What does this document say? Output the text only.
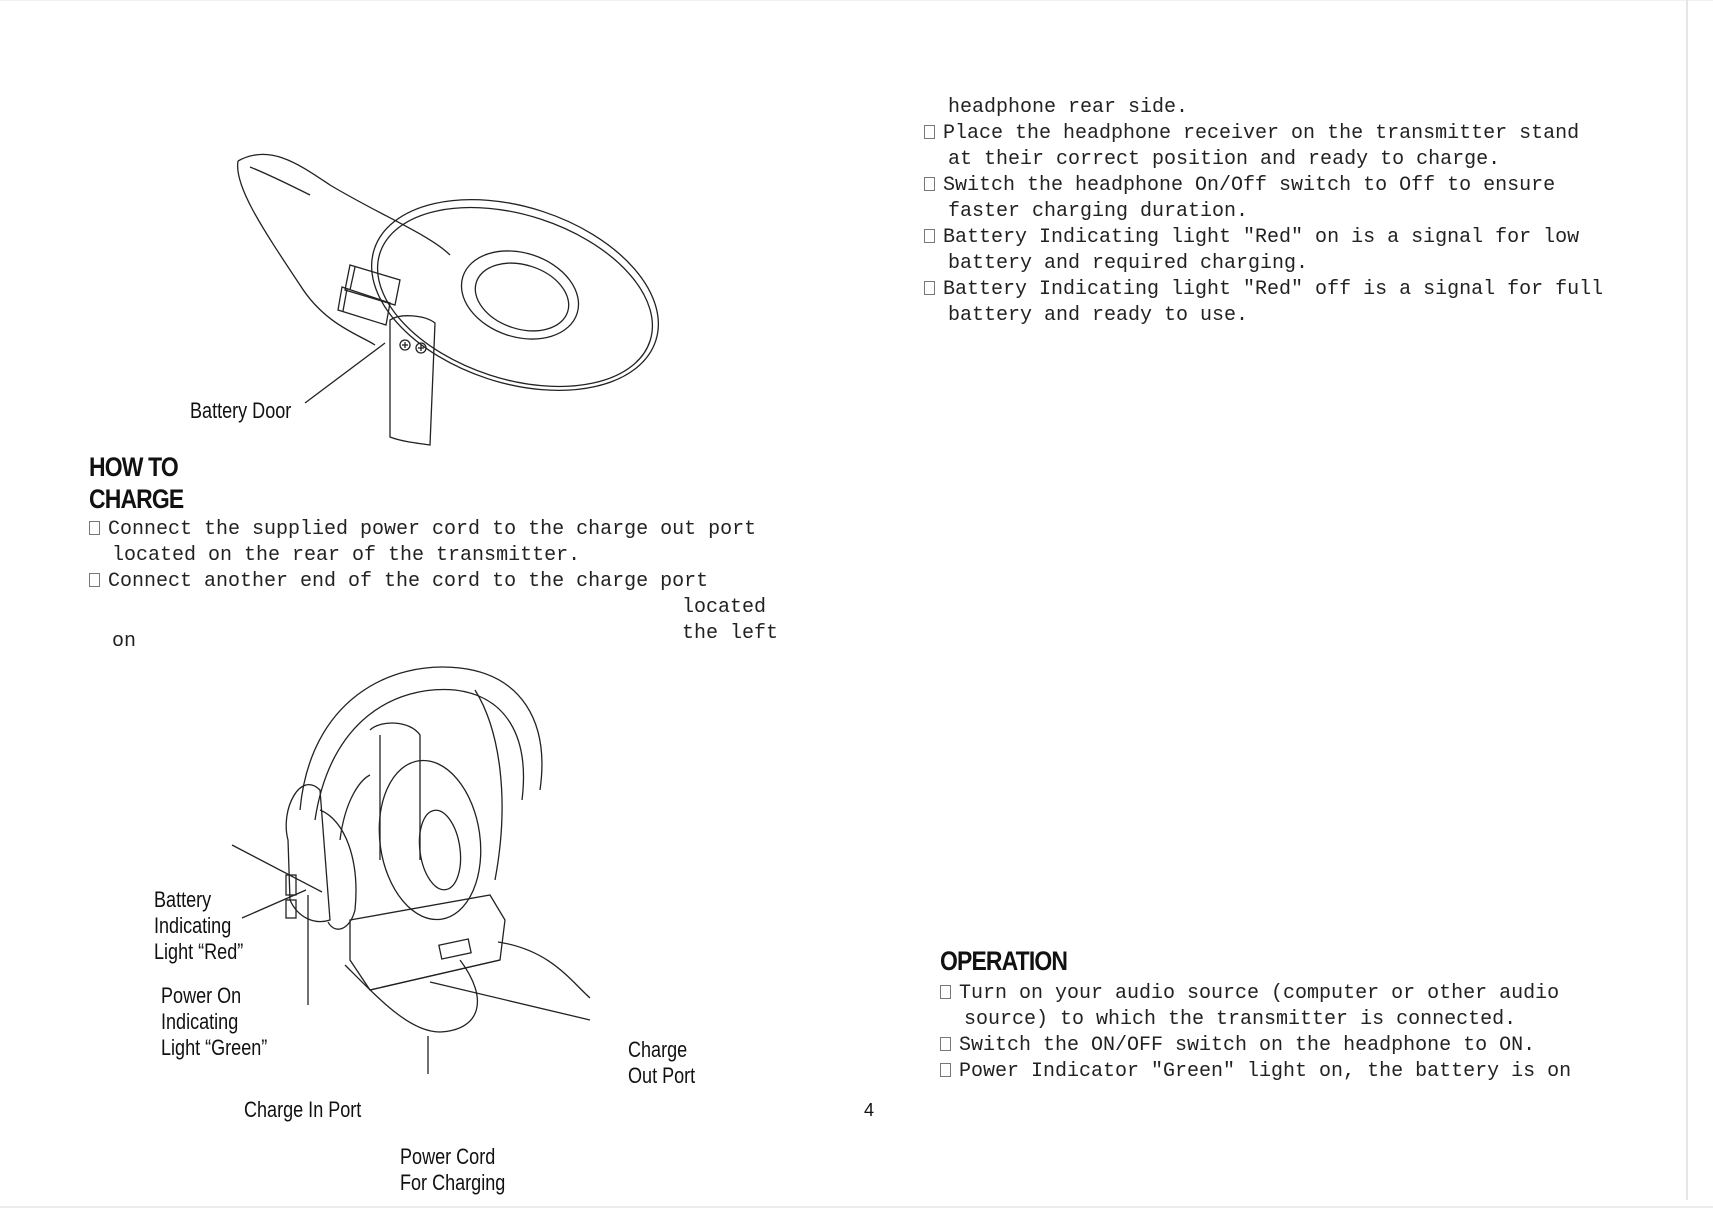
Battery Door
HOW TO
CHARGE
Connect the supplied power cord to the charge out port
located on the rear of the transmitter.
Connect another end of the cord to the charge port
located
the left
on
Battery
Indicating
Light “Red”
Power On
Indicating
Light “Green”
Charge In Port
Charge
Out Port
Power Cord
For Charging
4
headphone rear side.
Place the headphone receiver on the transmitter stand
at their correct position and ready to charge.
Switch the headphone On/Off switch to Off to ensure
faster charging duration.
Battery Indicating light "Red" on is a signal for low
battery and required charging.
Battery Indicating light "Red" off is a signal for full
battery and ready to use.
OPERATION
Turn on your audio source (computer or other audio
source) to which the transmitter is connected.
Switch the ON/OFF switch on the headphone to ON.
Power Indicator "Green" light on, the battery is on
